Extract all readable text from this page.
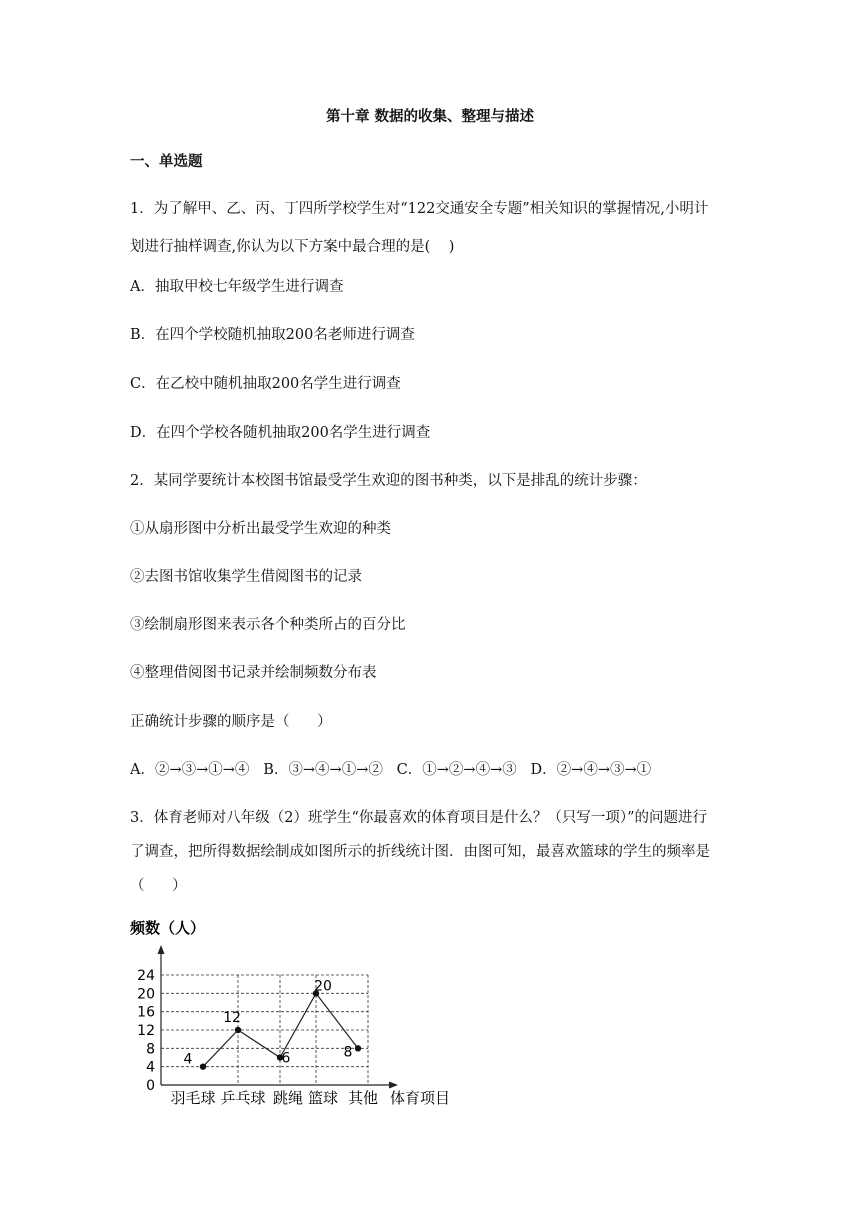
第十章 数据的收集、整理与描述
一、单选题
1．为了解甲、乙、丙、丁四所学校学生对“122交通安全专题”相关知识的掌握情况,小明计
划进行抽样调查,你认为以下方案中最合理的是(    )
A．抽取甲校七年级学生进行调查
B．在四个学校随机抽取200名老师进行调查
C．在乙校中随机抽取200名学生进行调查
D．在四个学校各随机抽取200名学生进行调查
2．某同学要统计本校图书馆最受学生欢迎的图书种类，以下是排乱的统计步骤：
①从扇形图中分析出最受学生欢迎的种类
②去图书馆收集学生借阅图书的记录
③绘制扇形图来表示各个种类所占的百分比
④整理借阅图书记录并绘制频数分布表
正确统计步骤的顺序是（      ）
A．②→③→①→④   B．③→④→①→②   C．①→②→④→③   D．②→④→③→①
3．体育老师对八年级（2）班学生“你最喜欢的体育项目是什么？（只写一项）”的问题进行
了调查，把所得数据绘制成如图所示的折线统计图．由图可知，最喜欢篮球的学生的频率是
（      ）
频数（人）
0
4
8
12
16
20
24
羽毛球 乒乓球 跳绳 篮球 其他
4
12
6
20
8
体育项目
